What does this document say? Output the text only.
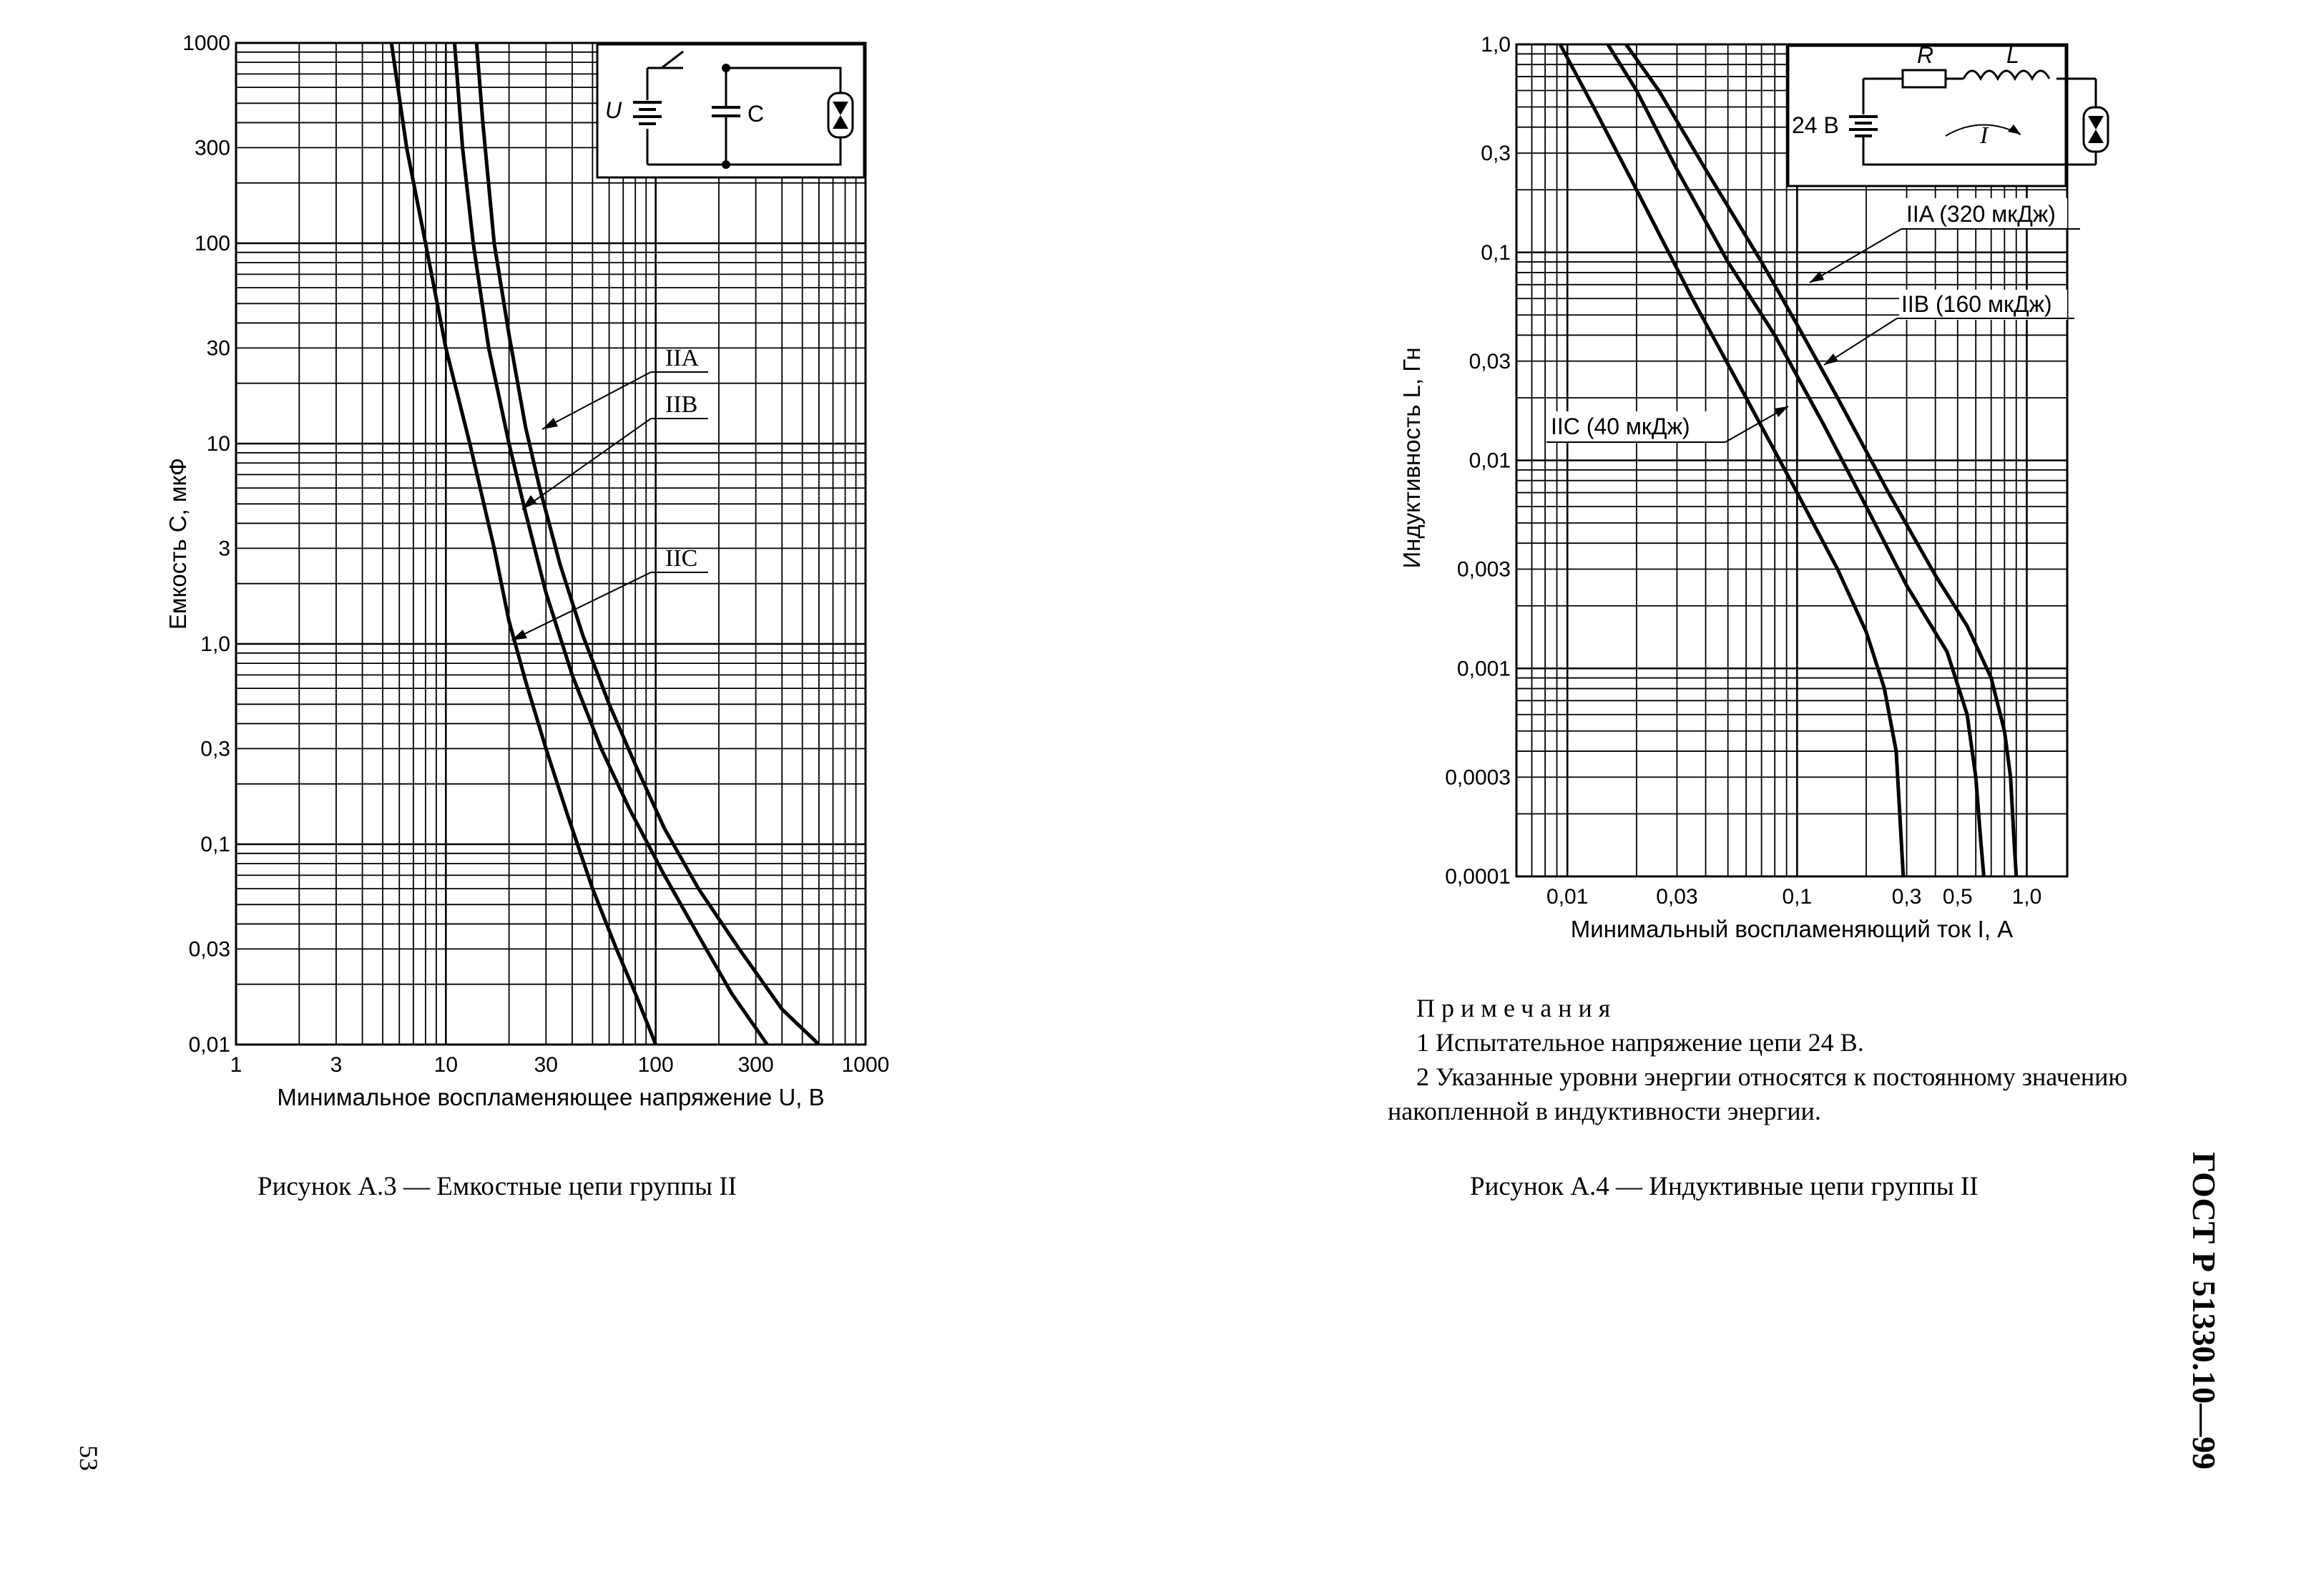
0,01
0,03
0,1
0,3
1,0
3
10
30
100
300
1000
1	3	10	30	100	300	1000
U	C
IIA
IIB
IIC
Минимальное воспламеняющее напряжение U, В
Емкость C, мкФ
0,0001
0,0003
0,001
0,003
0,01
0,03
0,1
0,3
1,0
0,01	0,03	0,1	0,3 0,5 1,0
R	L
24 В	I
IIA (320 мкДж)
IIB (160 мкДж)
IIC (40 мкДж)
Минимальный воспламеняющий ток I, А
Индуктивность L, Гн

Примечания

1 Испытательное напряжение цепи 24 В.

2 Указанные уровни энергии относятся к постоянному значению накопленной в индуктивности энергии.

Рисунок А.3 — Емкостные цепи группы II	Рисунок А.4 — Индуктивные цепи группы II	ГОСТ Р 51330.10—99
53
